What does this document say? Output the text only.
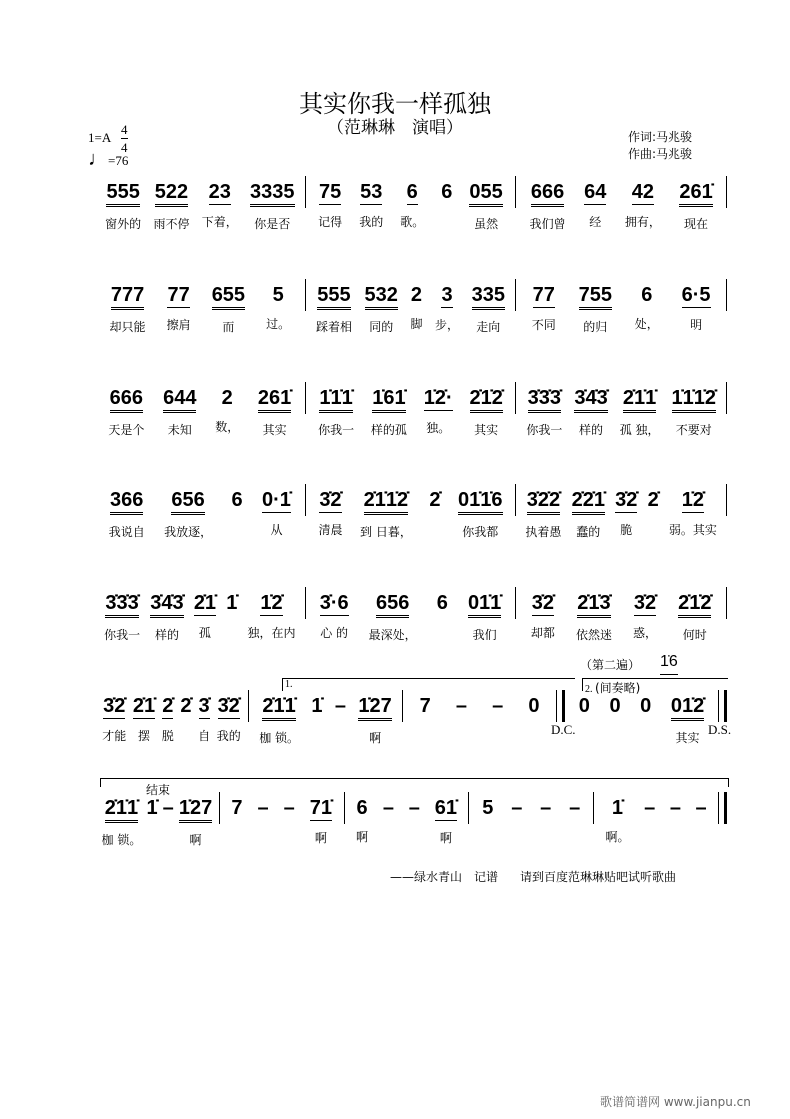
其实你我一样孤独
（范琳琳　演唱）
1=A
4
4
♩=76
作词:马兆骏
作曲:马兆骏
555
窗外的
522
雨不停
23
下着，
3335
你是否
75
记得
53
我的
6
歌。
6 055
虽然
666
我们曾
64
经
42
拥有，
261̇
现在
777
却只能
77
擦肩
655
而
5
过。
555
踩着相
532
同的
2
脚
3
步，
335
走向
77
不同
755
的归
6
处，
6·5
明
666
天是个
644
未知
2
数，
261̇
其实
1̇1̇1̇
你我一
1̇61̇
样的孤
1̇2̇·
独。
2̇1̇2̇
其实
3̇3̇3̇
你我一
3̇4̇3̇
样的
2̇1̇1̇
孤 独，
1̇1̇1̇2̇
不要对
366
我说自
656
我放逐，
6 0·1̇
从
3̇2̇
清晨
2̇1̇1̇2̇
到 日暮，
2̇ 01̇1̇6
你我都
3̇2̇2̇
执着愚
2̇2̇1̇
蠢的
3̇2̇
脆
2̇ 1̇2̇
弱。其实
3̇3̇3̇
你我一
3̇4̇3̇
样的
2̇1̇
孤
1̇ 1̇2̇
独，在内
3̇·6
心 的
656
最深处，
6 01̇1̇
我们
3̇2̇
却都
2̇1̇3̇
依然迷
3̇2̇
惑，
2̇1̇2̇
何时
3̇2̇
才能
2̇1̇
摆
2̇
脱
2̇ 3̇
自
3̇2̇
我的
2̇1̇1̇
枷 锁。
1̇ – 1̇27
啊
7 – – 0 0 0 0 01̇2̇
其实
2̇1̇1̇
枷 锁。
1̇ – 1̇27
啊
7 – – 71̇
啊
6
啊
– – 61̇
啊
5 – – – 1̇
啊。
– – –
1.	2. (间奏略)
（第二遍） 1̇6
D.C.	D.S.
结束
——绿水青山　记谱 请到百度范琳琳贴吧试听歌曲
歌谱简谱网 www.jianpu.cn
